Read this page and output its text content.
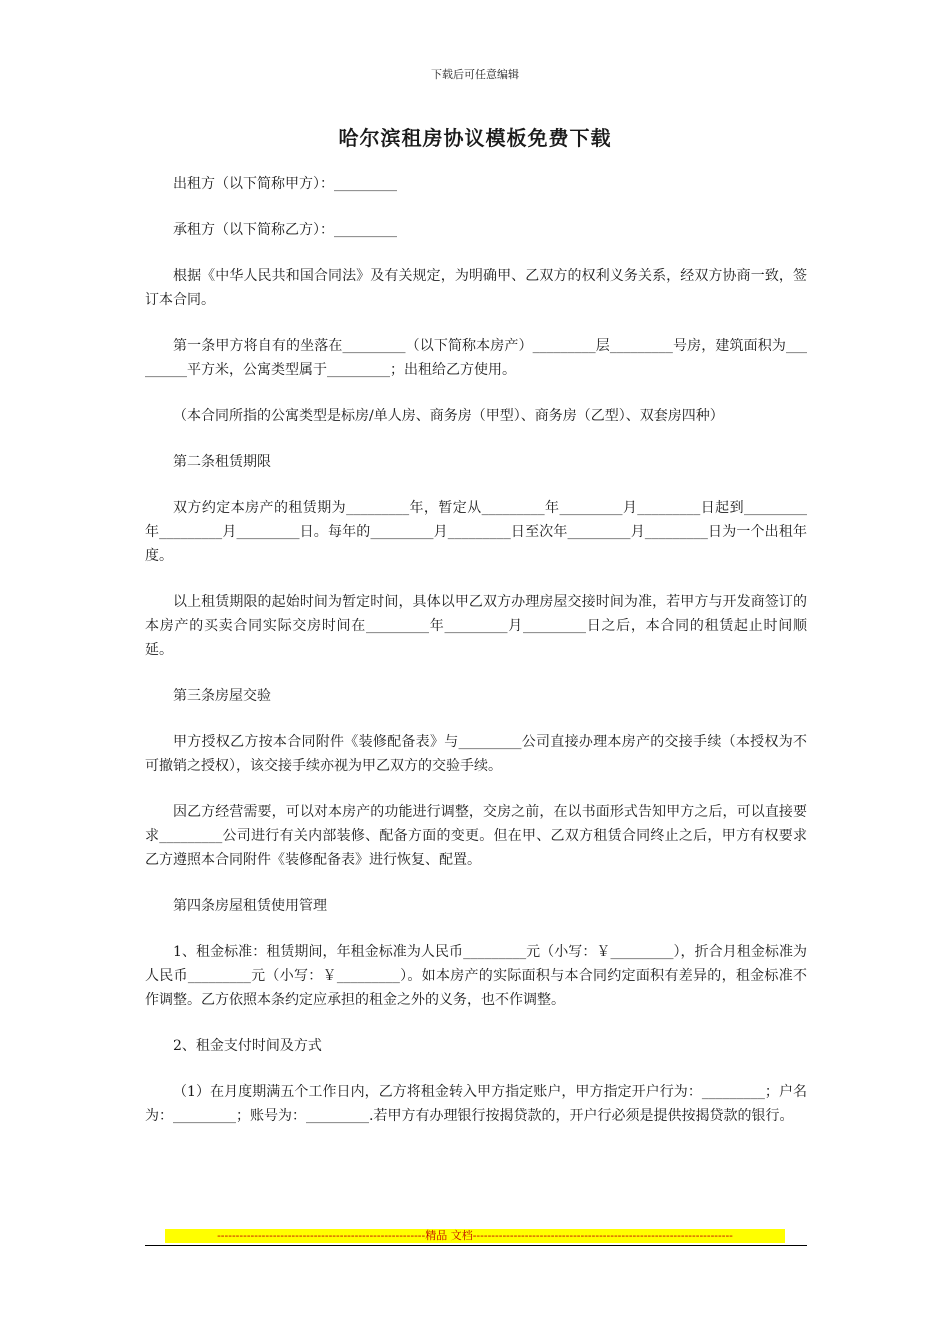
下载后可任意编辑
哈尔滨租房协议模板免费下载

出租方（以下简称甲方）：_________

承租方（以下简称乙方）：_________

根据《中华人民共和国合同法》及有关规定，为明确甲、乙双方的权利义务关系，经双方协商一致，签订本合同。

第一条甲方将自有的坐落在_________（以下简称本房产）_________层_________号房，建筑面积为_________平方米，公寓类型属于_________；出租给乙方使用。

（本合同所指的公寓类型是标房/单人房、商务房（甲型）、商务房（乙型）、双套房四种）

第二条租赁期限

双方约定本房产的租赁期为_________年，暂定从_________年_________月_________日起到_________年_________月_________日。每年的_________月_________日至次年_________月_________日为一个出租年度。

以上租赁期限的起始时间为暂定时间，具体以甲乙双方办理房屋交接时间为准，若甲方与开发商签订的本房产的买卖合同实际交房时间在_________年_________月_________日之后，本合同的租赁起止时间顺延。

第三条房屋交验

甲方授权乙方按本合同附件《装修配备表》与_________公司直接办理本房产的交接手续（本授权为不可撤销之授权），该交接手续亦视为甲乙双方的交验手续。

因乙方经营需要，可以对本房产的功能进行调整，交房之前，在以书面形式告知甲方之后，可以直接要求_________公司进行有关内部装修、配备方面的变更。但在甲、乙双方租赁合同终止之后，甲方有权要求乙方遵照本合同附件《装修配备表》进行恢复、配置。

第四条房屋租赁使用管理

1、租金标准：租赁期间，年租金标准为人民币_________元（小写：￥_________），折合月租金标准为人民币_________元（小写：￥_________）。如本房产的实际面积与本合同约定面积有差异的，租金标准不作调整。乙方依照本条约定应承担的租金之外的义务，也不作调整。

2、租金支付时间及方式

（1）在月度期满五个工作日内，乙方将租金转入甲方指定账户，甲方指定开户行为：_________；户名为：_________；账号为：_________.若甲方有办理银行按揭贷款的，开户行必须是提供按揭贷款的银行。

--------------------------------------------------------精品 文档----------------------------------------------------------------------
